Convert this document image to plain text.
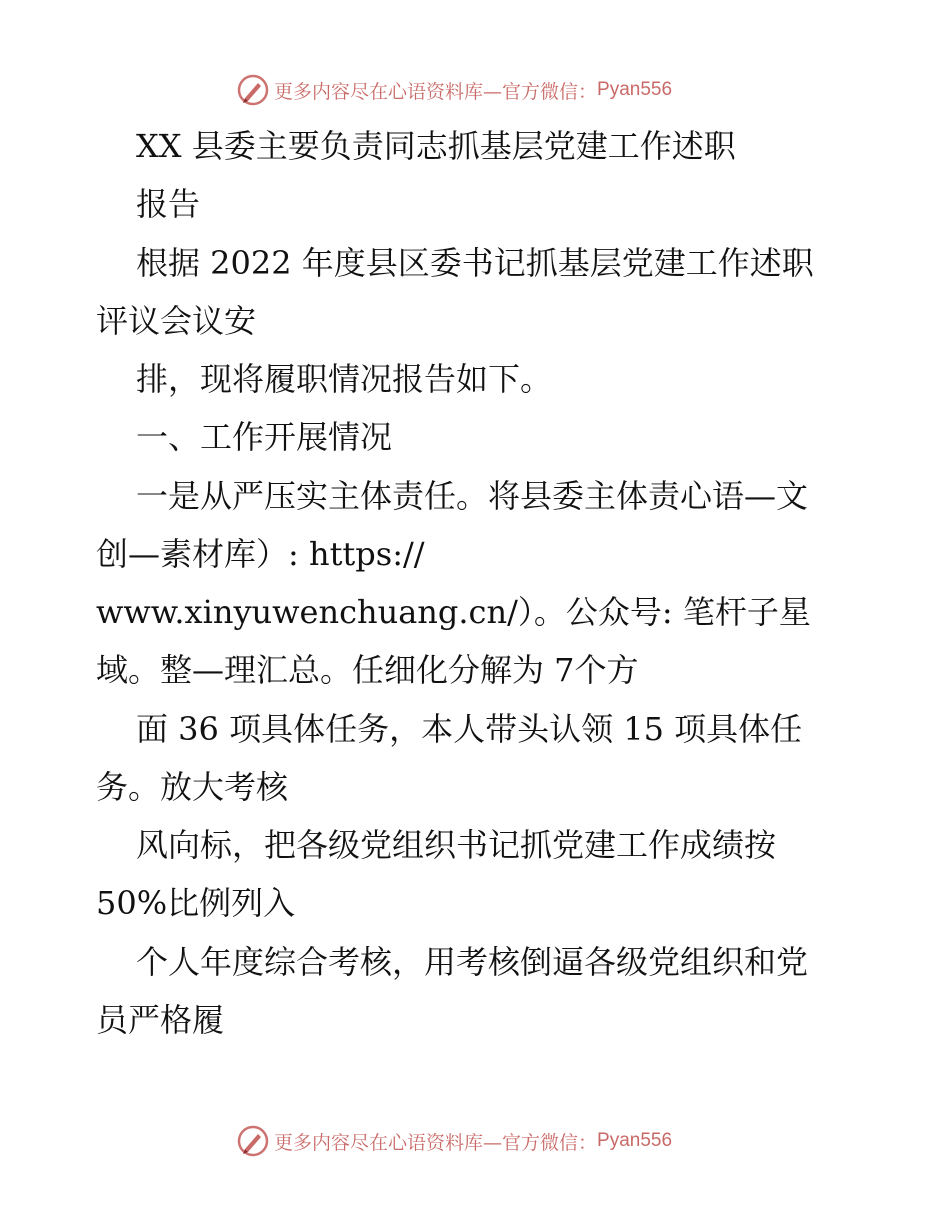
更多内容尽在心语资料库—官方微信： Pyan556
XX 县委主要负责同志抓基层党建工作述职
报告
根据 2022 年度县区委书记抓基层党建工作述职
评议会议安
排，现将履职情况报告如下。
一、工作开展情况
一是从严压实主体责任。将县委主体责心语—文
创—素材库）: https://
www.xinyuwenchuang.cn/）。公众号: 笔杆子星
域。整—理汇总。任细化分解为 7个方
面 36 项具体任务，本人带头认领 15 项具体任
务。放大考核
风向标，把各级党组织书记抓党建工作成绩按
50%比例列入
个人年度综合考核，用考核倒逼各级党组织和党
员严格履
更多内容尽在心语资料库—官方微信： Pyan556
